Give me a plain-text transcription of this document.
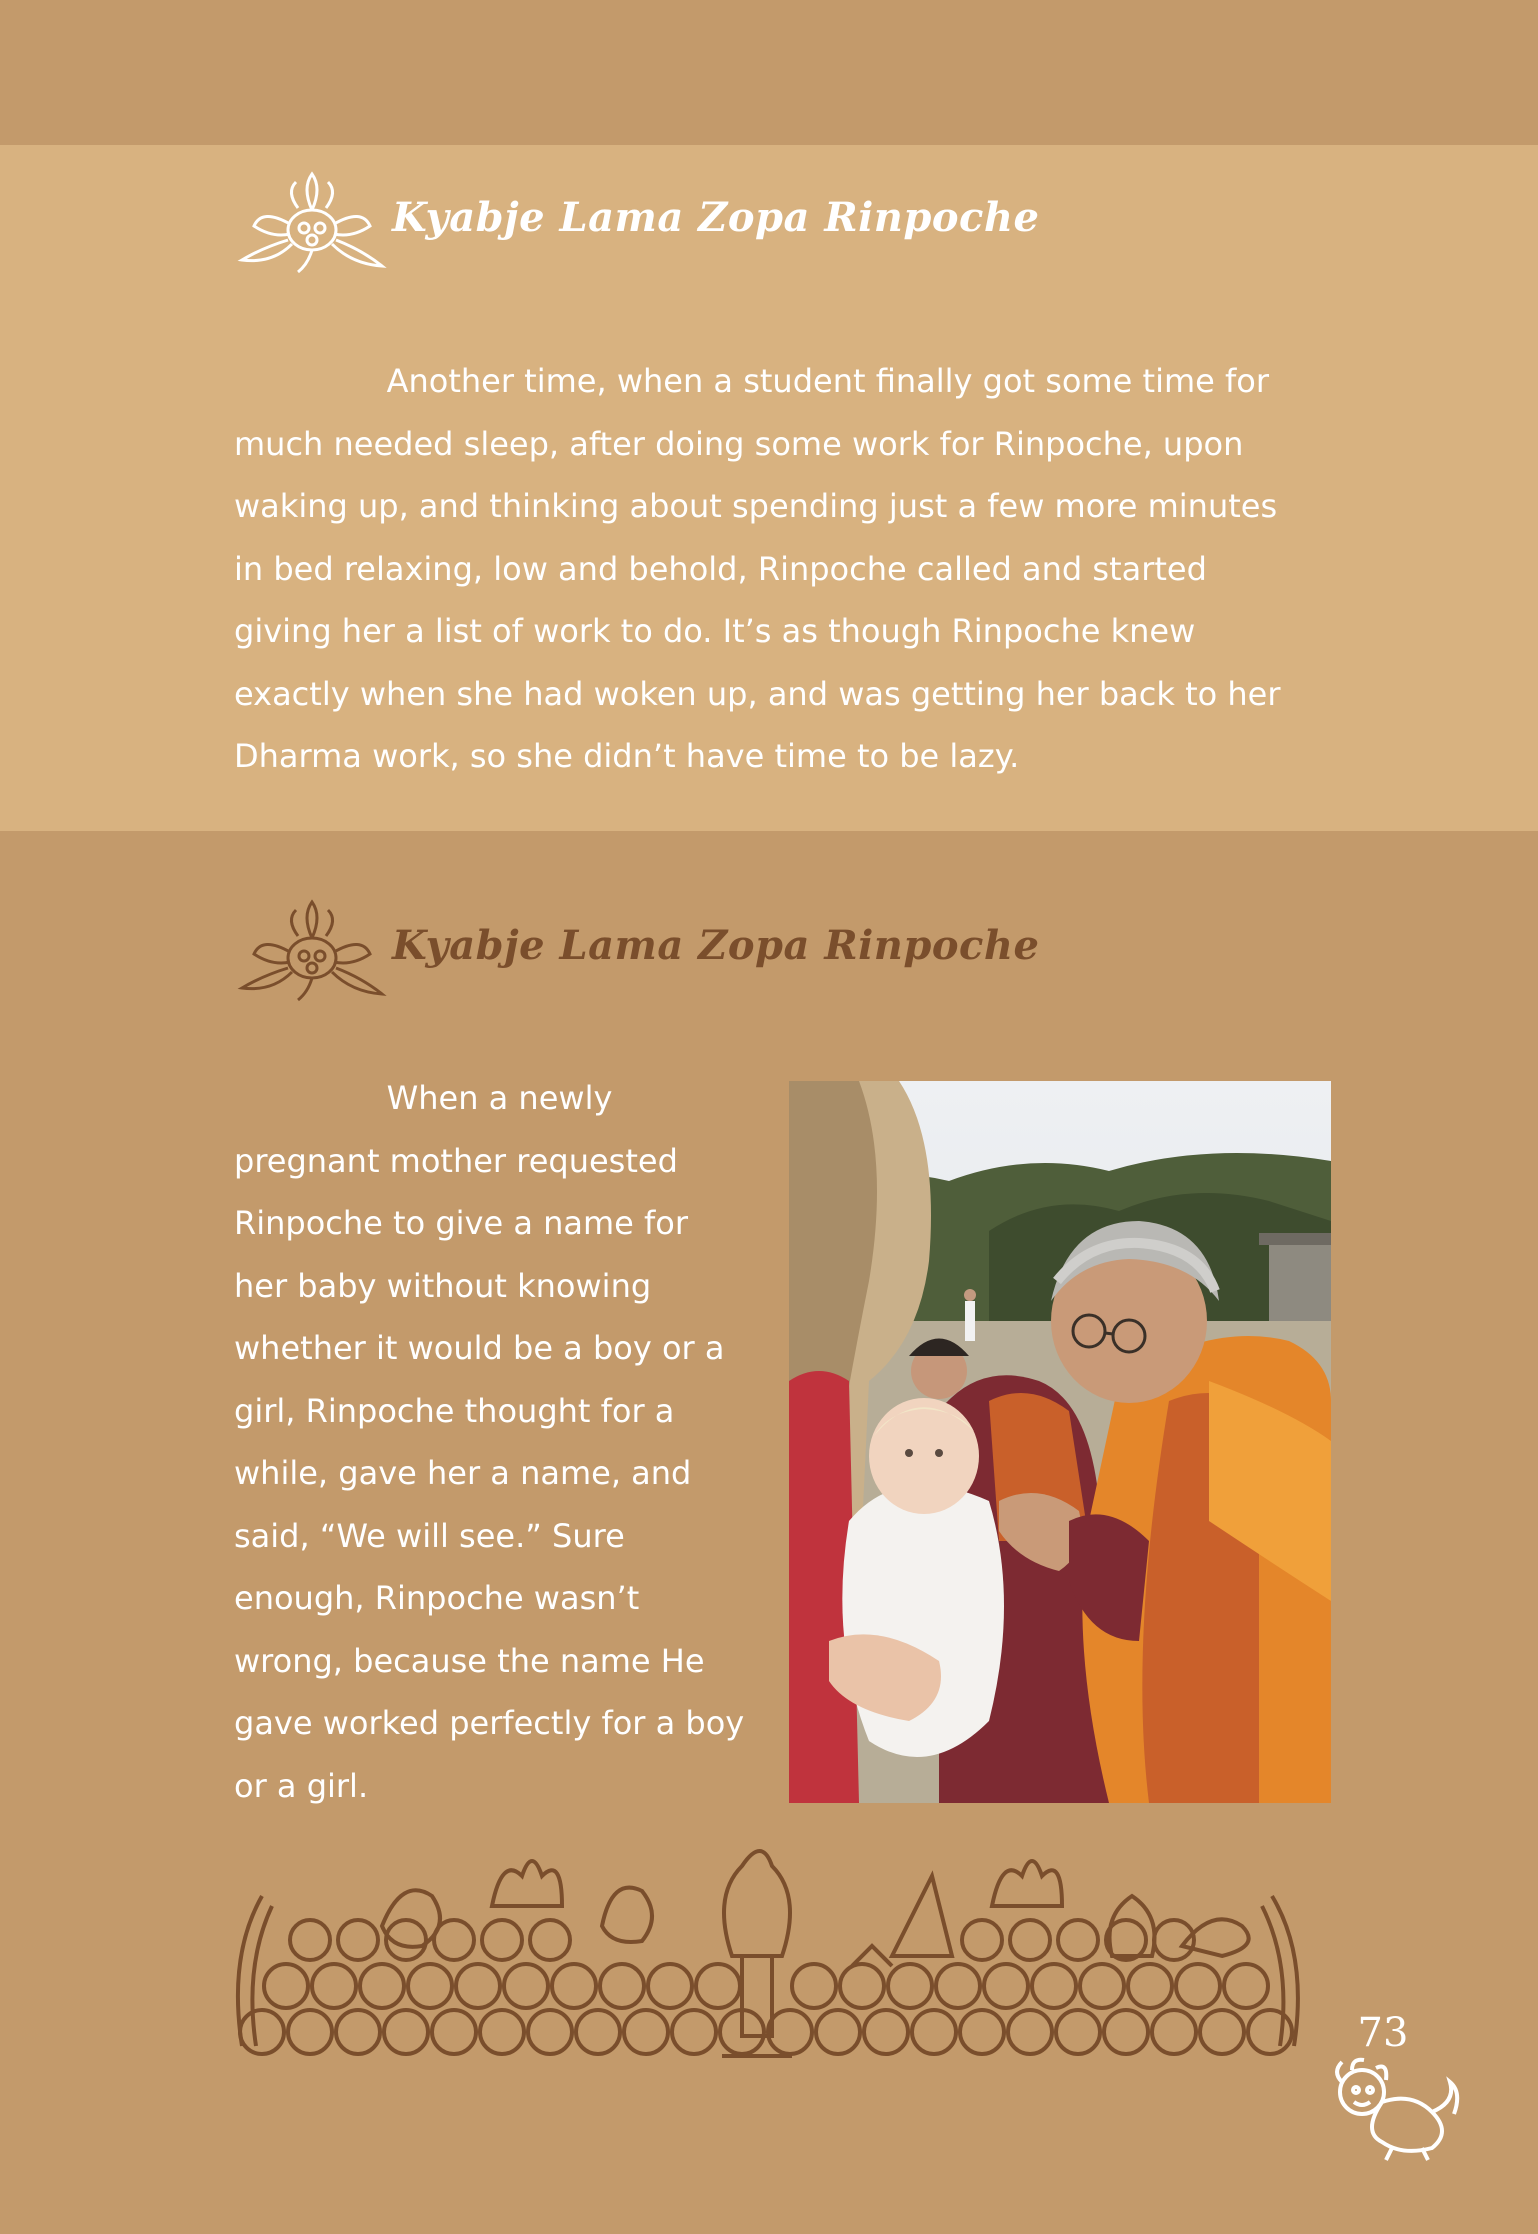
Kyabje Lama Zopa Rinpoche
Another time, when a student finally got some time for
much needed sleep, after doing some work for Rinpoche, upon
waking up, and thinking about spending just a few more minutes
in bed relaxing, low and behold, Rinpoche called and started
giving her a list of work to do. It’s as though Rinpoche knew
exactly when she had woken up, and was getting her back to her
Dharma work, so she didn’t have time to be lazy.
Kyabje Lama Zopa Rinpoche
When a newly
pregnant mother requested
Rinpoche to give a name for
her baby without knowing
whether it would be a boy or a
girl, Rinpoche thought for a
while, gave her a name, and
said, “We will see.” Sure
enough, Rinpoche wasn’t
wrong, because the name He
gave worked perfectly for a boy
or a girl.
73
